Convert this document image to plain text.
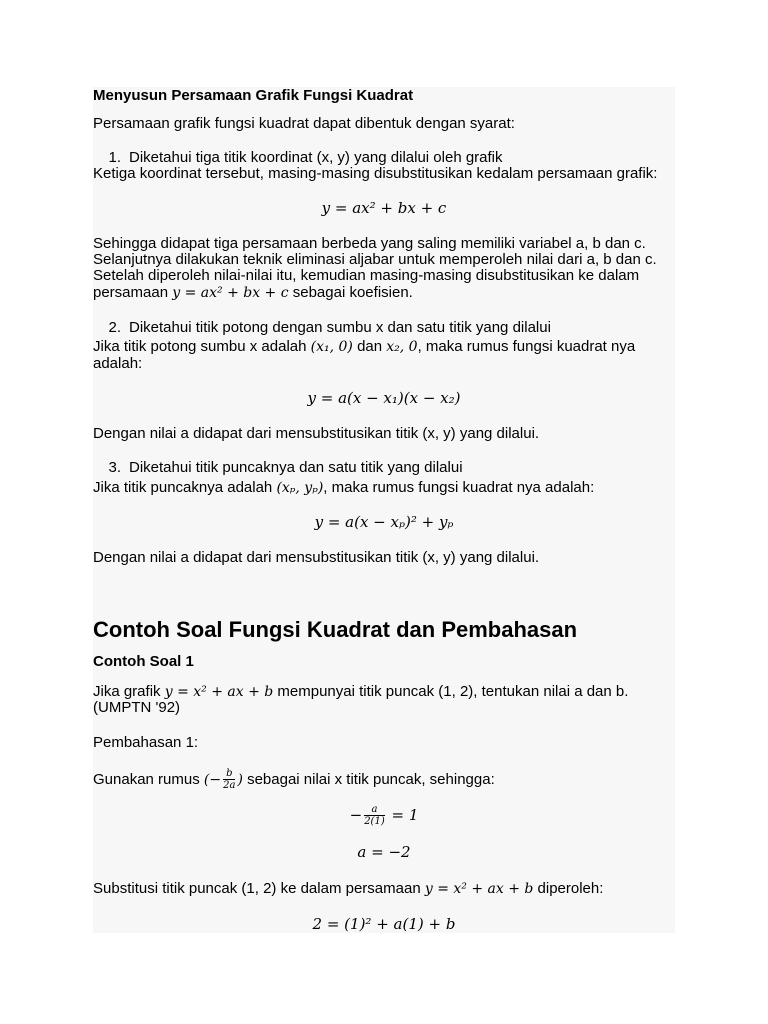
Menyusun Persamaan Grafik Fungsi Kuadrat
Persamaan grafik fungsi kuadrat dapat dibentuk dengan syarat:
1. Diketahui tiga titik koordinat (x, y) yang dilalui oleh grafik
Ketiga koordinat tersebut, masing-masing disubstitusikan kedalam persamaan grafik:
y = ax² + bx + c
Sehingga didapat tiga persamaan berbeda yang saling memiliki variabel a, b dan c.
Selanjutnya dilakukan teknik eliminasi aljabar untuk memperoleh nilai dari a, b dan c.
Setelah diperoleh nilai-nilai itu, kemudian masing-masing disubstitusikan ke dalam
persamaan y = ax² + bx + c sebagai koefisien.
2. Diketahui titik potong dengan sumbu x dan satu titik yang dilalui
Jika titik potong sumbu x adalah (x₁, 0) dan x₂, 0, maka rumus fungsi kuadrat nya
adalah:
y = a(x − x₁)(x − x₂)
Dengan nilai a didapat dari mensubstitusikan titik (x, y) yang dilalui.
3. Diketahui titik puncaknya dan satu titik yang dilalui
Jika titik puncaknya adalah (xₚ, yₚ), maka rumus fungsi kuadrat nya adalah:
y = a(x − xₚ)² + yₚ
Dengan nilai a didapat dari mensubstitusikan titik (x, y) yang dilalui.
Contoh Soal Fungsi Kuadrat dan Pembahasan
Contoh Soal 1
Jika grafik y = x² + ax + b mempunyai titik puncak (1, 2), tentukan nilai a dan b.
(UMPTN '92)
Pembahasan 1:
Gunakan rumus (− $\frac{b}{2a}$ ) sebagai nilai x titik puncak, sehingga:
− $\frac{a}{2(1)} = 1$
a = −2
Substitusi titik puncak (1, 2) ke dalam persamaan y = x² + ax + b diperoleh:
2 = (1)² + a(1) + b
